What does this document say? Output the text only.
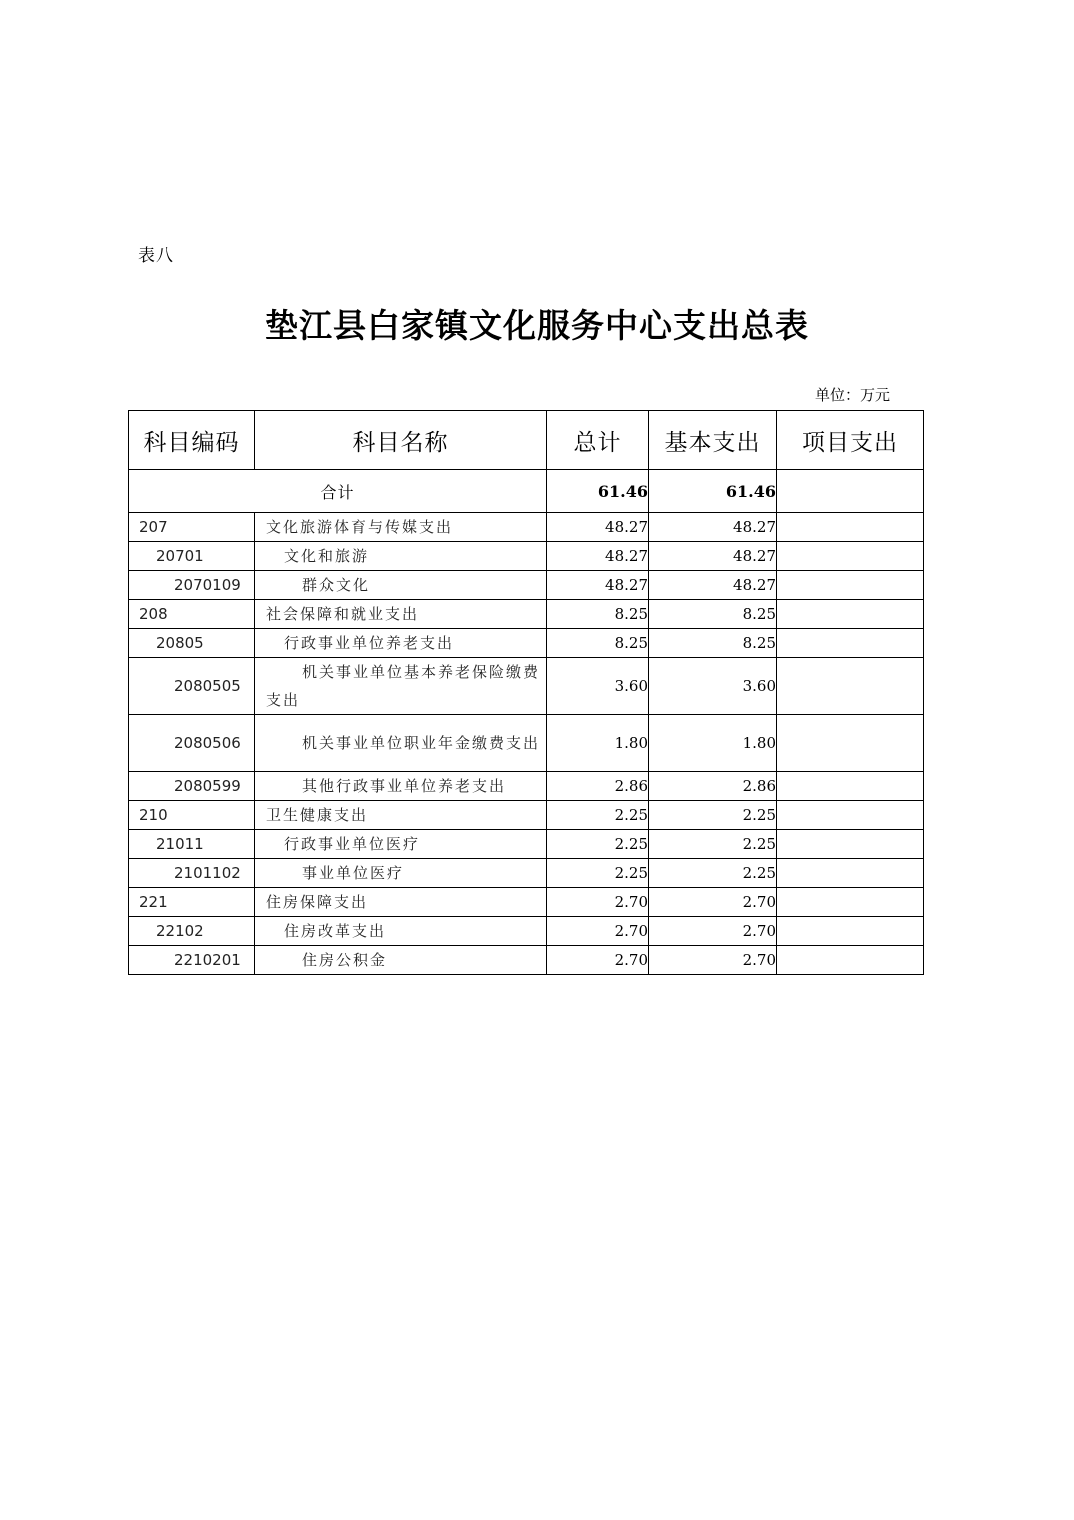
表八
垫江县白家镇文化服务中心支出总表
单位：万元
科目编码	科目名称	总计	基本支出	项目支出
合计		61.46	61.46	
207	文化旅游体育与传媒支出	48.27	48.27	
20701	文化和旅游	48.27	48.27	
2070109	群众文化	48.27	48.27	
208	社会保障和就业支出	8.25	8.25	
20805	行政事业单位养老支出	8.25	8.25	
2080505	机关事业单位基本养老保险缴费支出	3.60	3.60	
2080506	机关事业单位职业年金缴费支出	1.80	1.80	
2080599	其他行政事业单位养老支出	2.86	2.86	
210	卫生健康支出	2.25	2.25	
21011	行政事业单位医疗	2.25	2.25	
2101102	事业单位医疗	2.25	2.25	
221	住房保障支出	2.70	2.70	
22102	住房改革支出	2.70	2.70	
2210201	住房公积金	2.70	2.70	
